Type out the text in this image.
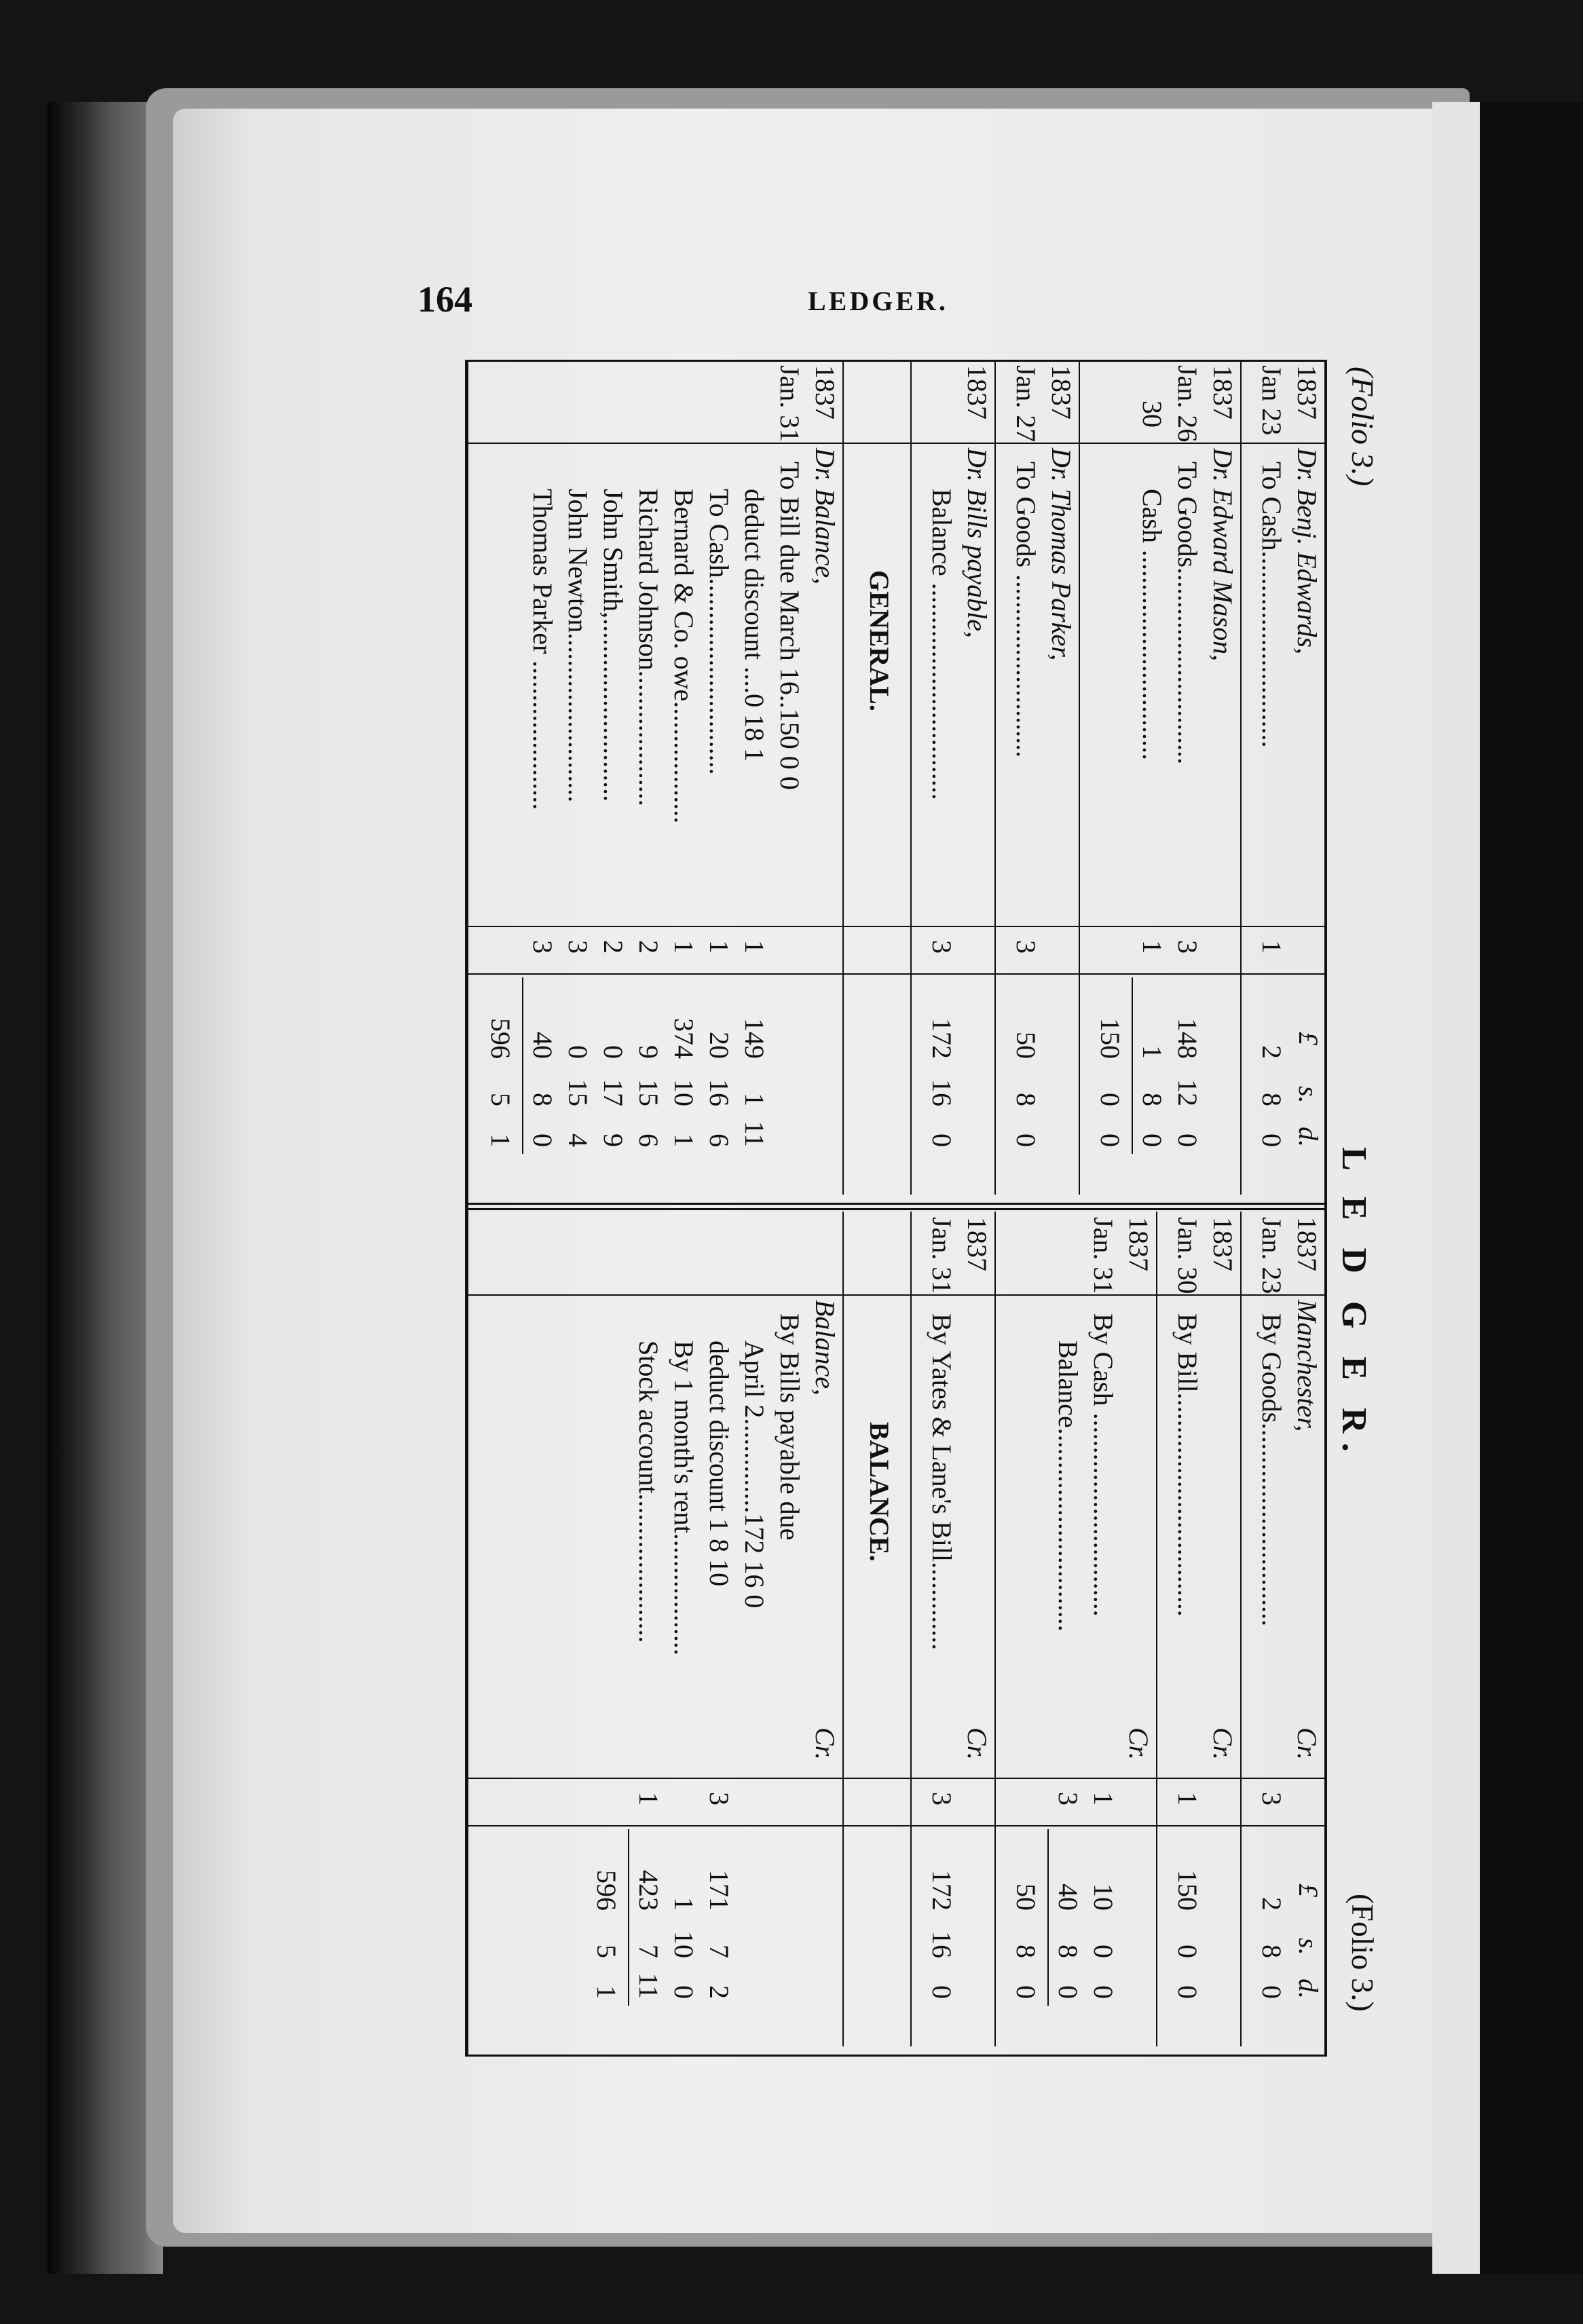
164	LEDGER.
(Folio 3.)
L E D G E R.
(Folio 3.)
£
s.
d.
1837
Dr. Benj. Edwards,
Jan 23
To Cash.............................
1
2
8
0
1837
Dr. Edward Mason,
Jan. 26
To Goods.............................
3
148
12
0
Cash ...............................
1
1
8
0
30
150
0
0
1837
Dr. Thomas Parker,
Jan. 27
To Goods ...........................
3
50
8
0
1837
Dr. Bills payable,
Balance ................................
3
172
16
0
GENERAL.
1837
Dr. Balance,
Jan. 31
To Bill due March 16..150 0 0
deduct discount ....0 18 1
1
149
1
11
To Cash.............................
1
20
16
6
Bernard & Co. owe..................
1
374
10
1
Richard Johnson....................
2
9
15
6
John Smith,...........................
2
0
17
9
John Newton.........................
3
0
15
4
Thomas Parker ......................
3
40
8
0
596
5
1
£
s.
d.
1837
Manchester,
Cr.
Jan. 23
By Goods..............................
3
2
8
0
1837
Cr.
Jan. 30
By Bill.................................
1
150
0
0
1837
Cr.
Jan. 31
By Cash ..............................
1
10
0
0
Balance..............................
3
40
8
0
50
8
0
1837
Cr.
Jan. 31
By Yates & Lane's Bill.............
3
172
16
0
BALANCE.
Balance,
Cr.
By Bills payable due
April 2..............172 16 0
deduct discount 1 8 10
3
171
7
2
By 1 month's rent..................
1
10
0
Stock account......................
1
423
7
11
596
5
1
